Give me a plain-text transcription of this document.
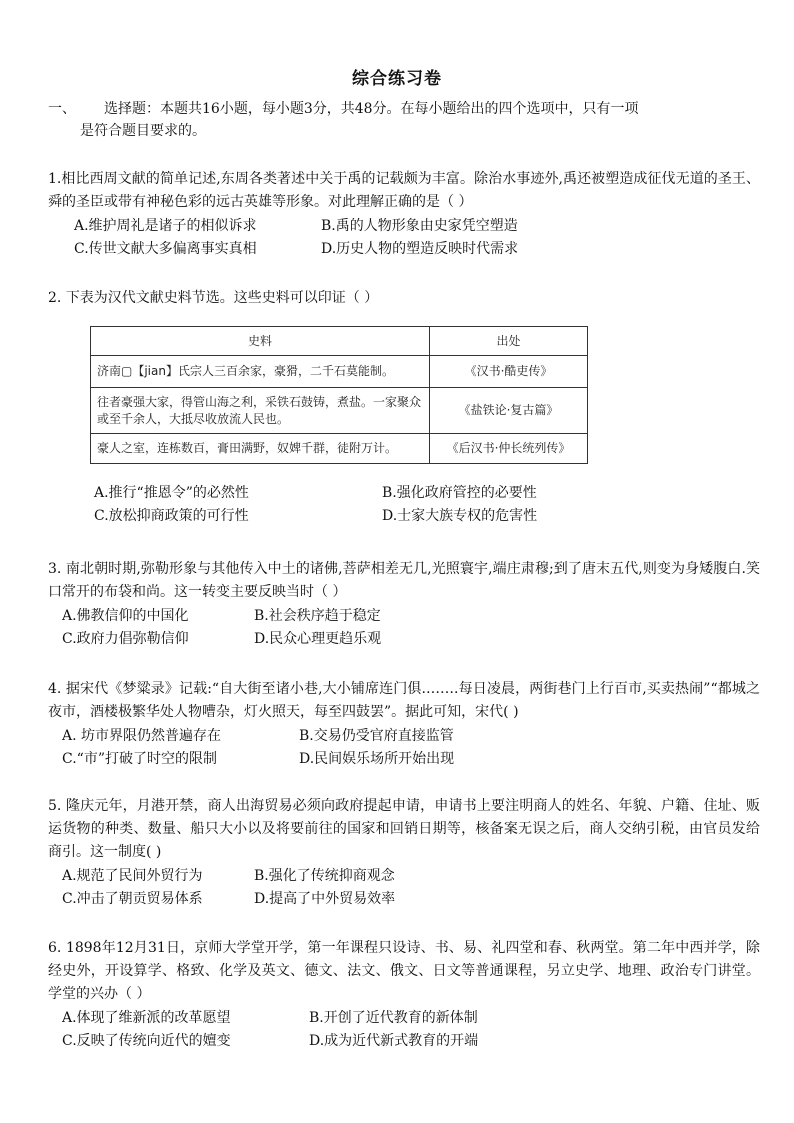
综合练习卷
一、 选择题：本题共16小题，每小题3分，共48分。在每小题给出的四个选项中，只有一项
是符合题目要求的。
1.相比西周文献的简单记述,东周各类著述中关于禹的记载颇为丰富。除治水事迹外,禹还被塑造成征伐无道的圣王、舜的圣臣或带有神秘色彩的远古英雄等形象。对此理解正确的是（ ）
A.维护周礼是诸子的相似诉求	B.禹的人物形象由史家凭空塑造
C.传世文献大多偏离事实真相	D.历史人物的塑造反映时代需求
2. 下表为汉代文献史料节选。这些史料可以印证（ ）
史料	出处
济南▢【jian】氏宗人三百余家，豪猾，二千石莫能制。	《汉书·酷吏传》
往者豪强大家，得管山海之利，采铁石鼓铸，煮盐。一家聚众或至千余人，大抵尽收放流人民也。	《盐铁论·复古篇》
豪人之室，连栋数百，膏田满野，奴婢千群，徒附万计。	《后汉书·仲长统列传》
A.推行“推恩令”的必然性	B.强化政府管控的必要性
C.放松抑商政策的可行性	D.士家大族专权的危害性
3. 南北朝时期,弥勒形象与其他传入中土的诸佛,菩萨相差无几,光照寰宇,端庄肃穆;到了唐末五代,则变为身矮腹白.笑口常开的布袋和尚。这一转变主要反映当时（ ）
A.佛教信仰的中国化	B.社会秩序趋于稳定
C.政府力倡弥勒信仰	D.民众心理更趋乐观
4. 据宋代《梦粱录》记载:“自大街至诸小巷,大小铺席连门俱.…….每日凌晨，两街巷门上行百市,买卖热闹”“都城之夜市，酒楼极繁华处人物嘈杂，灯火照天，每至四鼓罢”。据此可知，宋代( )
A. 坊市界限仍然普遍存在	B.交易仍受官府直接监管
C.“市”打破了时空的限制	D.民间娱乐场所开始出现
5. 隆庆元年，月港开禁，商人出海贸易必须向政府提起申请，申请书上要注明商人的姓名、年貌、户籍、住址、贩运货物的种类、数量、船只大小以及将要前往的国家和回销日期等，核备案无误之后，商人交纳引税，由官员发给商引。这一制度( )
A.规范了民间外贸行为	B.强化了传统抑商观念
C.冲击了朝贡贸易体系	D.提高了中外贸易效率
6. 1898年12月31日，京师大学堂开学，第一年课程只设诗、书、易、礼四堂和春、秋两堂。第二年中西并学，除经史外，开设算学、格致、化学及英文、德文、法文、俄文、日文等普通课程，另立史学、地理、政治专门讲堂。学堂的兴办（ ）
A.体现了维新派的改革愿望	B.开创了近代教育的新体制
C.反映了传统向近代的嬗变	D.成为近代新式教育的开端
